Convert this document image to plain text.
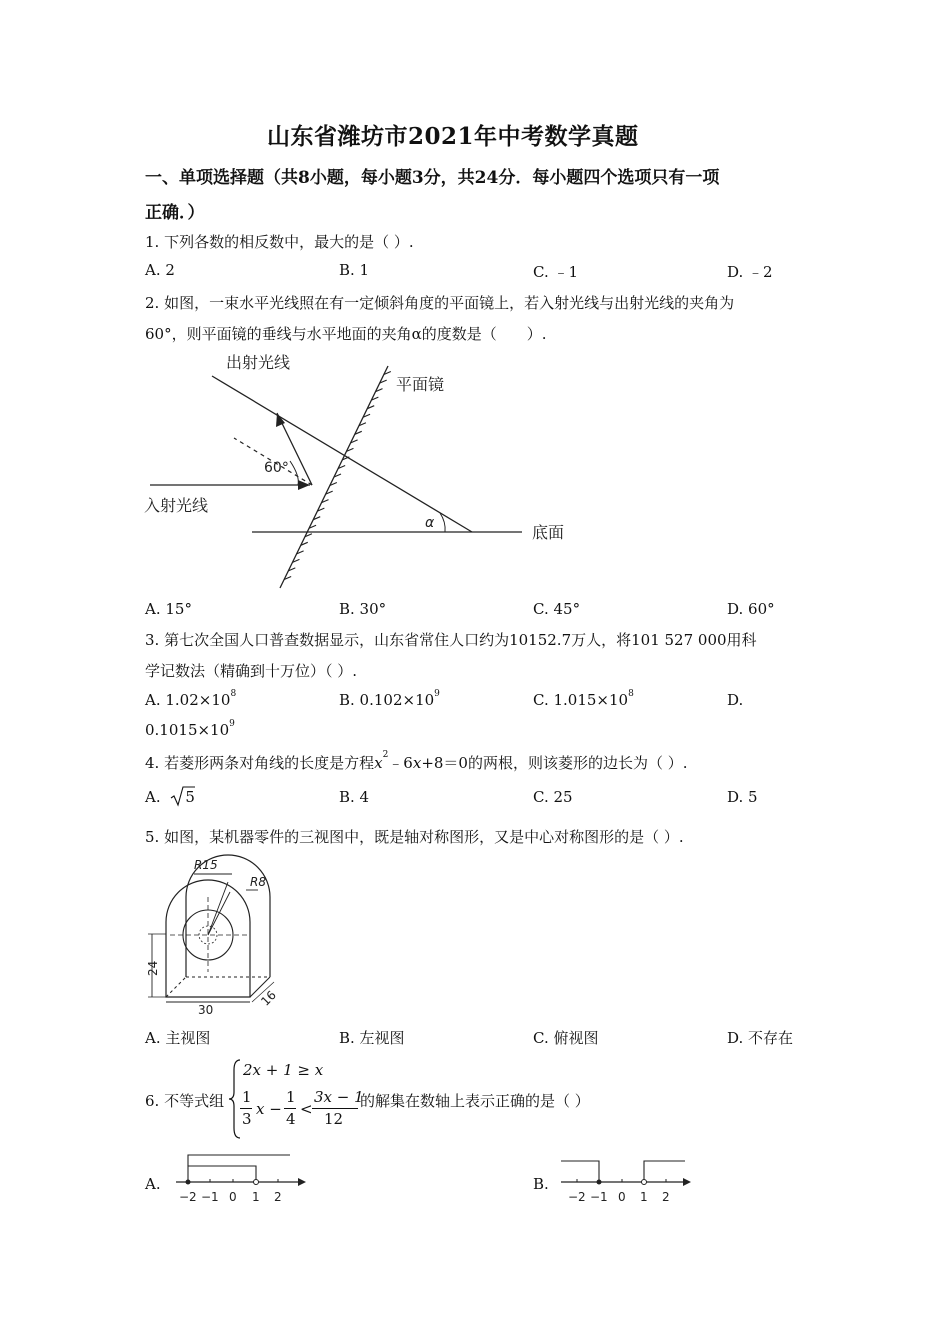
山东省潍坊市2021年中考数学真题
一、单项选择题（共8小题，每小题3分，共24分．每小题四个选项只有一项
正确．）
1. 下列各数的相反数中，最大的是（ ）.
A. 2	B. 1	C. ﹣1	D. ﹣2
2. 如图，一束水平光线照在有一定倾斜角度的平面镜上，若入射光线与出射光线的夹角为
60°，则平面镜的垂线与水平地面的夹角α的度数是（　　）.
出射光线
平面镜
60°
入射光线
α	底面
A. 15°	B. 30°	C. 45°	D. 60°
3. 第七次全国人口普查数据显示，山东省常住人口约为10152.7万人，将101 527 000用科
学记数法（精确到十万位）（ ）.
A. $1.02\times 10^8$	B. $0.102\times 10^9$	C. $1.015\times 10^8$	D.
$0.1015\times 10^9$
4. 若菱形两条对角线的长度是方程$x^2﹣6x+8=0$的两根，则该菱形的边长为（ ）.
A. 5	B. 4	C. 25	D. 5
5. 如图，某机器零件的三视图中，既是轴对称图形，又是中心对称图形的是（ ）.
R15
R8
24
30
16
A. 主视图	B. 左视图	C. 俯视图	D. 不存在
6. 不等式组
2x + 1 ≥ x
1
3
x −
1
4
<
3x − 1
12
的解集在数轴上表示正确的是（ ）
A.
−2 −1 0 1 2
B.
−2 −1 0 1 2
